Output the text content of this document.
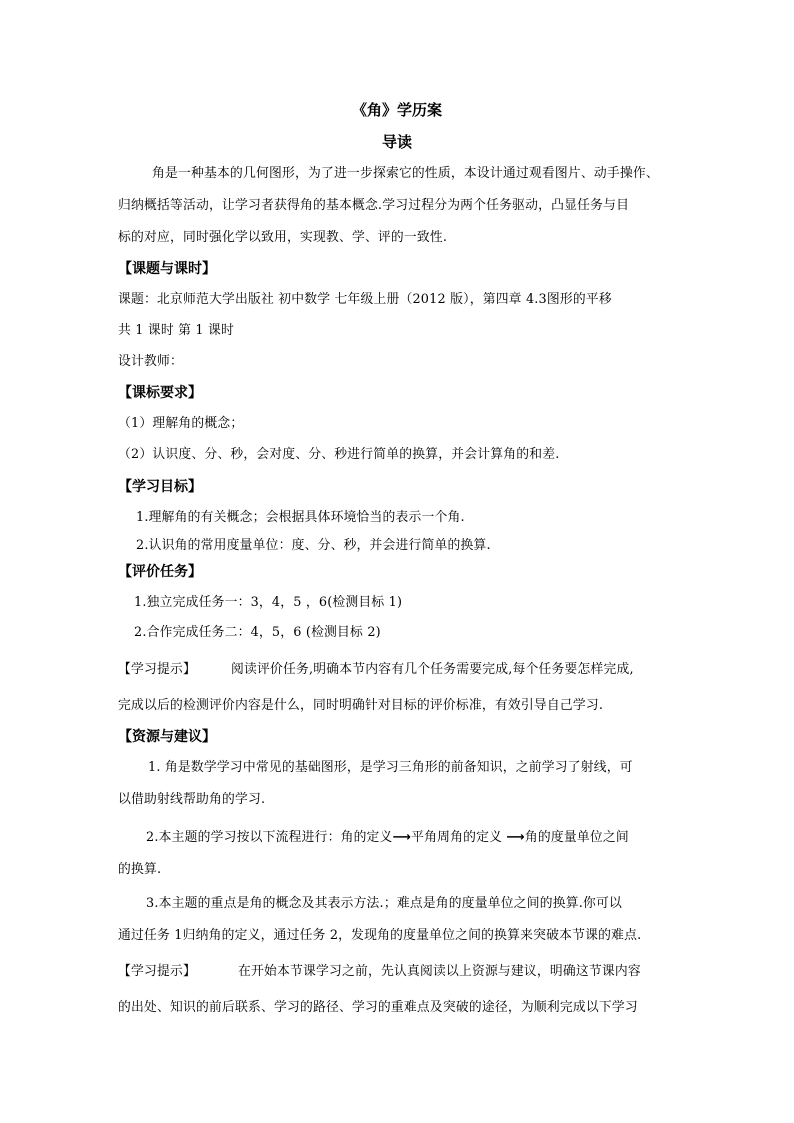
《角》学历案
导读
角是一种基本的几何图形，为了进一步探索它的性质，本设计通过观看图片、动手操作、
归纳概括等活动，让学习者获得角的基本概念.学习过程分为两个任务驱动，凸显任务与目
标的对应，同时强化学以致用，实现教、学、评的一致性.
【课题与课时】
课题：北京师范大学出版社 初中数学 七年级上册（2012 版），第四章 4.3图形的平移
共 1 课时 第 1 课时
设计教师：
【课标要求】
（1）理解角的概念；
（2）认识度、分、秒，会对度、分、秒进行简单的换算，并会计算角的和差.
【学习目标】
1.理解角的有关概念；会根据具体环境恰当的表示一个角.
2.认识角的常用度量单位：度、分、秒，并会进行简单的换算.
【评价任务】
1.独立完成任务一：3，4，5 ，6(检测目标 1)
2.合作完成任务二：4，5，6 (检测目标 2)
【学习提示】	阅读评价任务,明确本节内容有几个任务需要完成,每个任务要怎样完成,
完成以后的检测评价内容是什么，同时明确针对目标的评价标准，有效引导自己学习.
【资源与建议】
1. 角是数学学习中常见的基础图形，是学习三角形的前备知识，之前学习了射线，可
以借助射线帮助角的学习.
2.本主题的学习按以下流程进行：角的定义⟶平角周角的定义 ⟶角的度量单位之间
的换算.
3.本主题的重点是角的概念及其表示方法.；难点是角的度量单位之间的换算.你可以
通过任务 1归纳角的定义，通过任务 2，发现角的度量单位之间的换算来突破本节课的难点.
【学习提示】	在开始本节课学习之前，先认真阅读以上资源与建议，明确这节课内容
的出处、知识的前后联系、学习的路径、学习的重难点及突破的途径，为顺利完成以下学习
